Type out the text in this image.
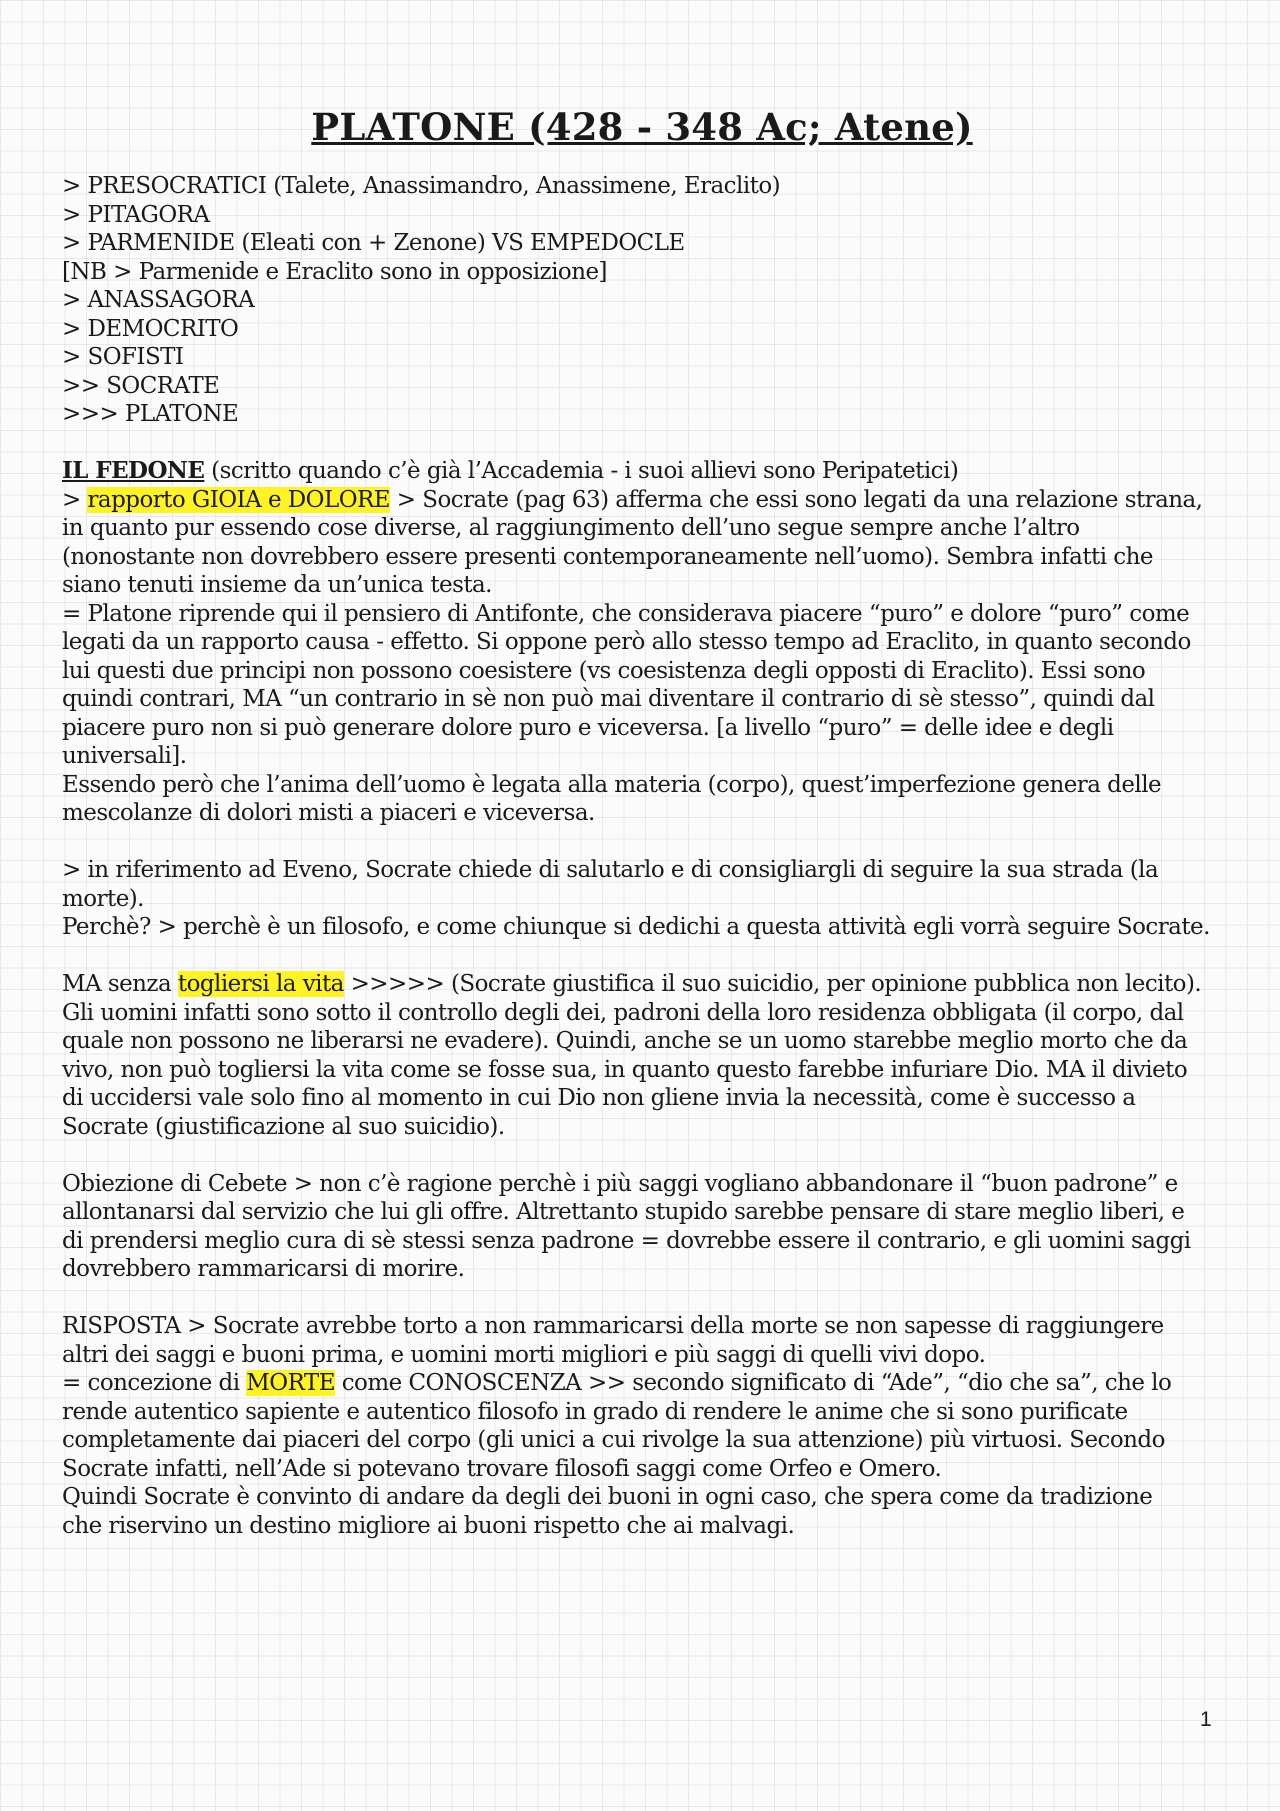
PLATONE (428 - 348 Ac; Atene)
> PRESOCRATICI (Talete, Anassimandro, Anassimene, Eraclito)
> PITAGORA
> PARMENIDE (Eleati con + Zenone) VS EMPEDOCLE
[NB > Parmenide e Eraclito sono in opposizione]
> ANASSAGORA
> DEMOCRITO
> SOFISTI
>> SOCRATE
>>> PLATONE
IL FEDONE (scritto quando c’è già l’Accademia - i suoi allievi sono Peripatetici)
> rapporto GIOIA e DOLORE > Socrate (pag 63) afferma che essi sono legati da una relazione strana,
in quanto pur essendo cose diverse, al raggiungimento dell’uno segue sempre anche l’altro
(nonostante non dovrebbero essere presenti contemporaneamente nell’uomo). Sembra infatti che
siano tenuti insieme da un’unica testa.
= Platone riprende qui il pensiero di Antifonte, che considerava piacere “puro” e dolore “puro” come
legati da un rapporto causa - effetto. Si oppone però allo stesso tempo ad Eraclito, in quanto secondo
lui questi due principi non possono coesistere (vs coesistenza degli opposti di Eraclito). Essi sono
quindi contrari, MA “un contrario in sè non può mai diventare il contrario di sè stesso”, quindi dal
piacere puro non si può generare dolore puro e viceversa. [a livello “puro” = delle idee e degli
universali].
Essendo però che l’anima dell’uomo è legata alla materia (corpo), quest’imperfezione genera delle
mescolanze di dolori misti a piaceri e viceversa.
> in riferimento ad Eveno, Socrate chiede di salutarlo e di consigliargli di seguire la sua strada (la
morte).
Perchè? > perchè è un filosofo, e come chiunque si dedichi a questa attività egli vorrà seguire Socrate.
MA senza togliersi la vita >>>>> (Socrate giustifica il suo suicidio, per opinione pubblica non lecito).
Gli uomini infatti sono sotto il controllo degli dei, padroni della loro residenza obbligata (il corpo, dal
quale non possono ne liberarsi ne evadere). Quindi, anche se un uomo starebbe meglio morto che da
vivo, non può togliersi la vita come se fosse sua, in quanto questo farebbe infuriare Dio. MA il divieto
di uccidersi vale solo fino al momento in cui Dio non gliene invia la necessità, come è successo a
Socrate (giustificazione al suo suicidio).
Obiezione di Cebete > non c’è ragione perchè i più saggi vogliano abbandonare il “buon padrone” e
allontanarsi dal servizio che lui gli offre. Altrettanto stupido sarebbe pensare di stare meglio liberi, e
di prendersi meglio cura di sè stessi senza padrone = dovrebbe essere il contrario, e gli uomini saggi
dovrebbero rammaricarsi di morire.
RISPOSTA > Socrate avrebbe torto a non rammaricarsi della morte se non sapesse di raggiungere
altri dei saggi e buoni prima, e uomini morti migliori e più saggi di quelli vivi dopo.
= concezione di MORTE come CONOSCENZA >> secondo significato di “Ade”, “dio che sa”, che lo
rende autentico sapiente e autentico filosofo in grado di rendere le anime che si sono purificate
completamente dai piaceri del corpo (gli unici a cui rivolge la sua attenzione) più virtuosi. Secondo
Socrate infatti, nell’Ade si potevano trovare filosofi saggi come Orfeo e Omero.
Quindi Socrate è convinto di andare da degli dei buoni in ogni caso, che spera come da tradizione
che riservino un destino migliore ai buoni rispetto che ai malvagi.
1
